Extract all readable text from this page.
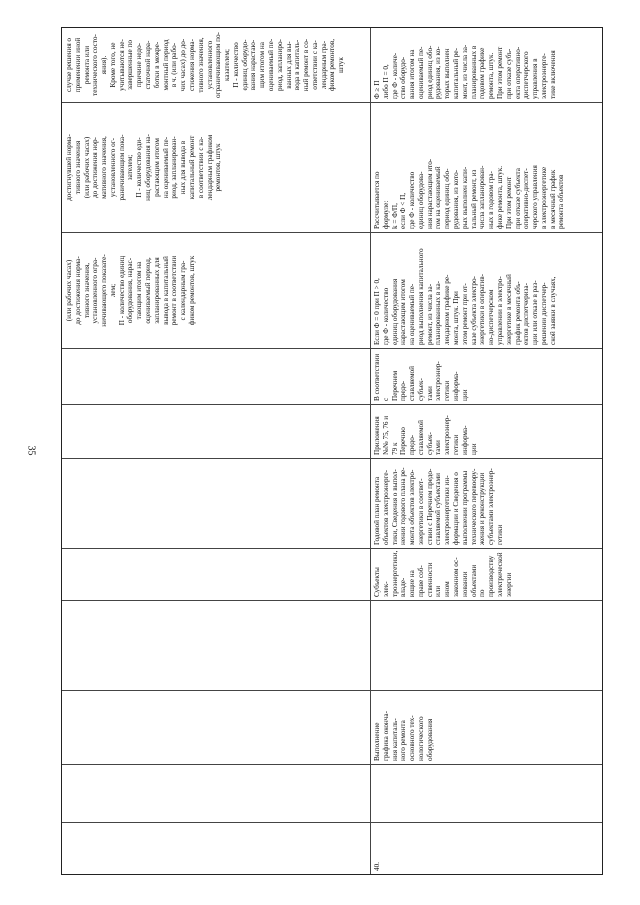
35
(или рабочих часах)
до достижения норма-
тивного значения,
установленного огра-
ничивающего показате-
лем;
П - количество единиц
оборудования, нарас-
тающим итогом на
оцениваемый период,
запланированных для
вывода в капитальный
ремонт в соответствии
с календарным гра-
фиком ремонтов, штук
достигнувшей норма-
тивного значения
(или рабочих часах)
до достижения нор-
мативного значения,
установленного ог-
раничивающим пока-
зателем;
П - количество еди-
ниц оборудования на-
растающим итогом
на оцениваемый пе-
риод, запланирован-
ных для вывода в
капитальный ремонт
в соответствии с ка-
лендарным графиком
ремонтов, штук
случае решения о
применении иной
ремонта или технического состо-
яния).
Кроме того, не
учитываются не-
завершенные по
причине недо-
статочной нара-
ботки в межре-
монтный период
в ч. (или рабо-
чих часах) до до-
стижения норма-
тивного значения,
установленного
ограничивающим по-
казателем;
П - количество
единиц оборудо-
вания нарастаю-
щим итогом на
оцениваемый пе-
риод, запланиро-
ванных для вы-
вода в капиталь-
ный ремонт в со-
ответствии с ка-
лендарным гра-
фиком ремонтов,
штук
40.
Выполнение
графика оконча-
ния капиталь-
ного ремонта
основного тех-
нологического
оборудования
Субъекты элек-
троэнергетики, владе-
ющие на праве соб-
ственности или
ином законном ос-
новании объектами
по производству
электрической
энергии
Годовой план ремонта
объектов электроэнерге-
тики, Сведения о выпол-
нении годового плана ре-
монта объектов электро-
энергетики в соответ-
ствии с Перечнем предо-
ставляемой субъектами
электроэнергетики ин-
формации и Сведения о
выполнении программы
технического перевоору-
жения и реконструкции
субъектами электроэнер-
гетики
Приложения
№№ 75, 76 и 79 к
Перечню предо-
ставляемой субъек-
тами электроэнер-
гетики информа-
ции
В соответствии с
Перечнем предо-
ставляемой субъек-
тами электроэнер-
гетики информа-
ции
Если Ф = 0 при П > 0,
где Ф - количество
единиц оборудования
нарастающим итогом
на оцениваемый пе-
риод выполнения капитального
ремонт, из числа за-
планированных в ка-
лендарном графике ре-
монта, штук. При
этом ремонт при от-
казе субъекта электро-
энергетики в оператив-
но-диспетчерском
управлении в электро-
энергетике в месячный
график ремонта объ-
ектов диспетчериза-
ции или отказе в раз-
решении диспетчер-
ской заявки в случаях,
Рассчитывается по
формуле:
k = Ф/П,
если Ф < П,
где Ф - количество
единиц оборудова-
ния нарастающим ито-
гом на оцениваемый
период единиц обо-
рудования, из кото-
рых выполнен капи-
тальный ремонт, из
числа запланирован-
ных в годовом гра-
фике ремонта, штук.
При этом ремонт
при отказе субъекта
оперативно-диспет-
черского управления
в электроэнергетике
в месячный график
ремонта объектов
Ф ≥ П
либо П = 0,
где Ф - количе-
ство оборудо-
вания итогом на
оцениваемый пе-
риод единиц обо-
рудования, из ко-
торых выполнен
капитальный ре-
монт, из числа за-
планированных в
годовом графике
ремонта, штук.
При этом ремонт
при отказе субъ-
екта оперативно-
диспетчерского
управления в
электроэнерге-
тике включения
